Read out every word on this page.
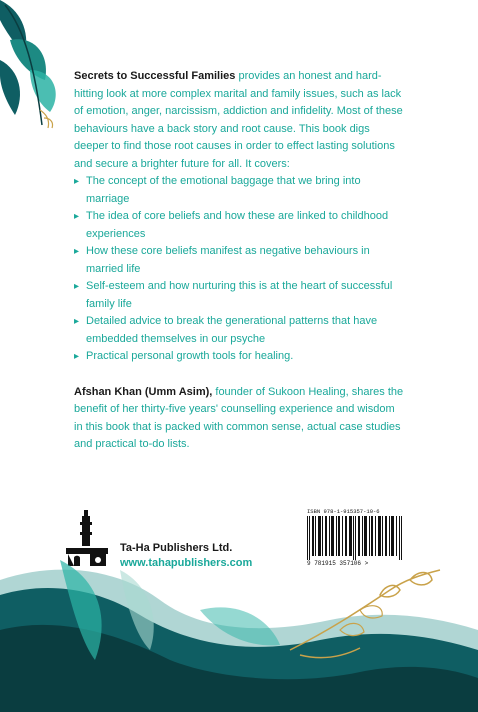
Secrets to Successful Families provides an honest and hard-hitting look at more complex marital and family issues, such as lack of emotion, anger, narcissism, addiction and infidelity. Most of these behaviours have a back story and root cause. This book digs deeper to find those root causes in order to effect lasting solutions and secure a brighter future for all. It covers:

▸ The concept of the emotional baggage that we bring into marriage
▸ The idea of core beliefs and how these are linked to childhood experiences
▸ How these core beliefs manifest as negative behaviours in married life
▸ Self-esteem and how nurturing this is at the heart of successful family life
▸ Detailed advice to break the generational patterns that have embedded themselves in our psyche
▸ Practical personal growth tools for healing.

Afshan Khan (Umm Asim), founder of Sukoon Healing, shares the benefit of her thirty-five years' counselling experience and wisdom in this book that is packed with common sense, actual case studies and practical to-do lists.

Ta-Ha Publishers Ltd.
www.tahapublishers.com
ISBN 978-1-915357-10-6
9 781915 357106 >
